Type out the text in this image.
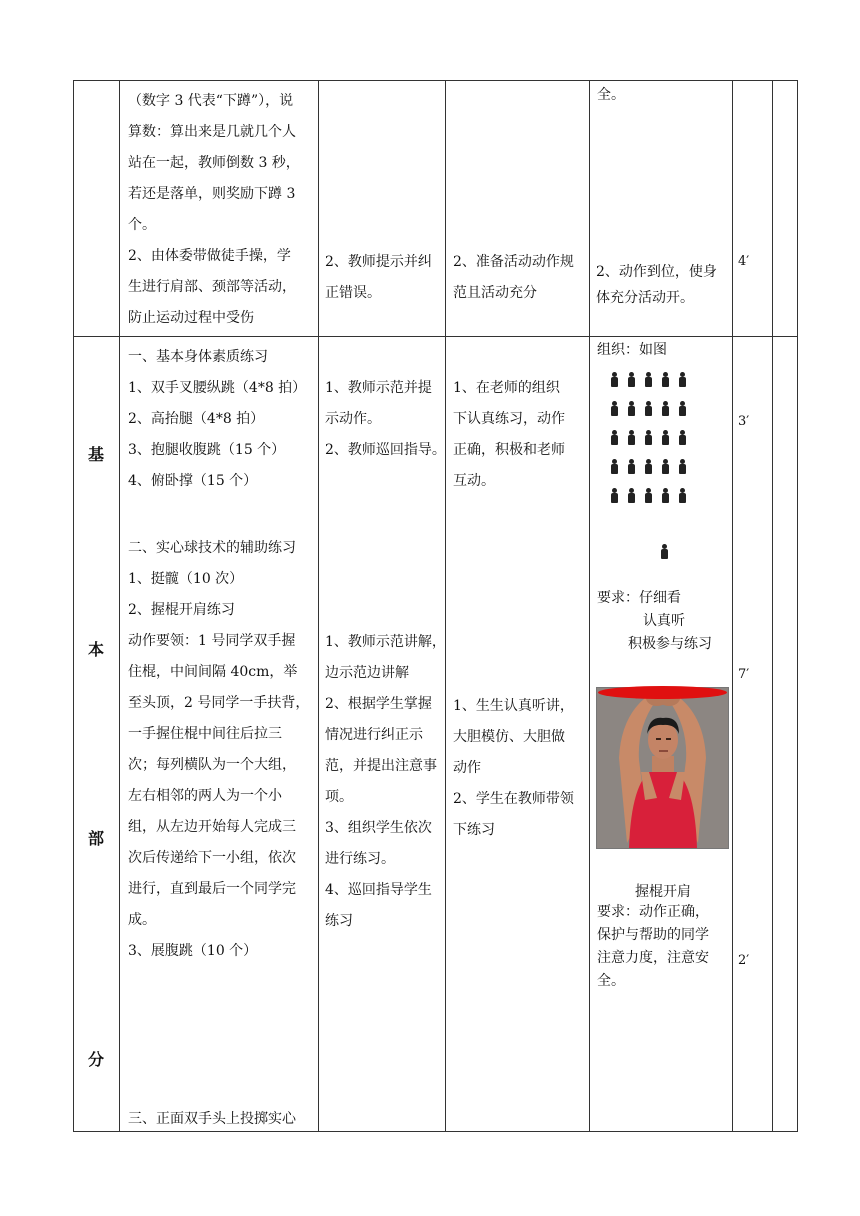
（数字 3 代表“下蹲”），说
算数：算出来是几就几个人
站在一起，教师倒数 3 秒，
若还是落单，则奖励下蹲 3
个。
2、由体委带做徒手操，学
生进行肩部、颈部等活动，
防止运动过程中受伤
2、教师提示并纠
正错误。
2、准备活动动作规
范且活动充分
全。
2、动作到位，使身
体充分活动开。
4′
基
本
部
分
一、基本身体素质练习
1、双手叉腰纵跳（4*8 拍）
2、高抬腿（4*8 拍）
3、抱腿收腹跳（15 个）
4、俯卧撑（15 个）
二、实心球技术的辅助练习
1、挺髋（10 次）
2、握棍开肩练习
动作要领：1 号同学双手握
住棍，中间间隔 40cm，举
至头顶，2 号同学一手扶背，
一手握住棍中间往后拉三
次；每列横队为一个大组，
左右相邻的两人为一个小
组，从左边开始每人完成三
次后传递给下一小组，依次
进行，直到最后一个同学完
成。
3、展腹跳（10 个）
三、正面双手头上投掷实心
1、教师示范并提
示动作。
2、教师巡回指导。
1、教师示范讲解，
边示范边讲解
2、根据学生掌握
情况进行纠正示
范，并提出注意事
项。
3、组织学生依次
进行练习。
4、巡回指导学生
练习
1、在老师的组织
下认真练习，动作
正确，积极和老师
互动。
1、生生认真听讲，
大胆模仿、大胆做
动作
2、学生在教师带领
下练习
组织：如图
要求：仔细看
认真听
积极参与练习
握棍开肩
要求：动作正确，
保护与帮助的同学
注意力度，注意安
全。
3′
7′
2′
